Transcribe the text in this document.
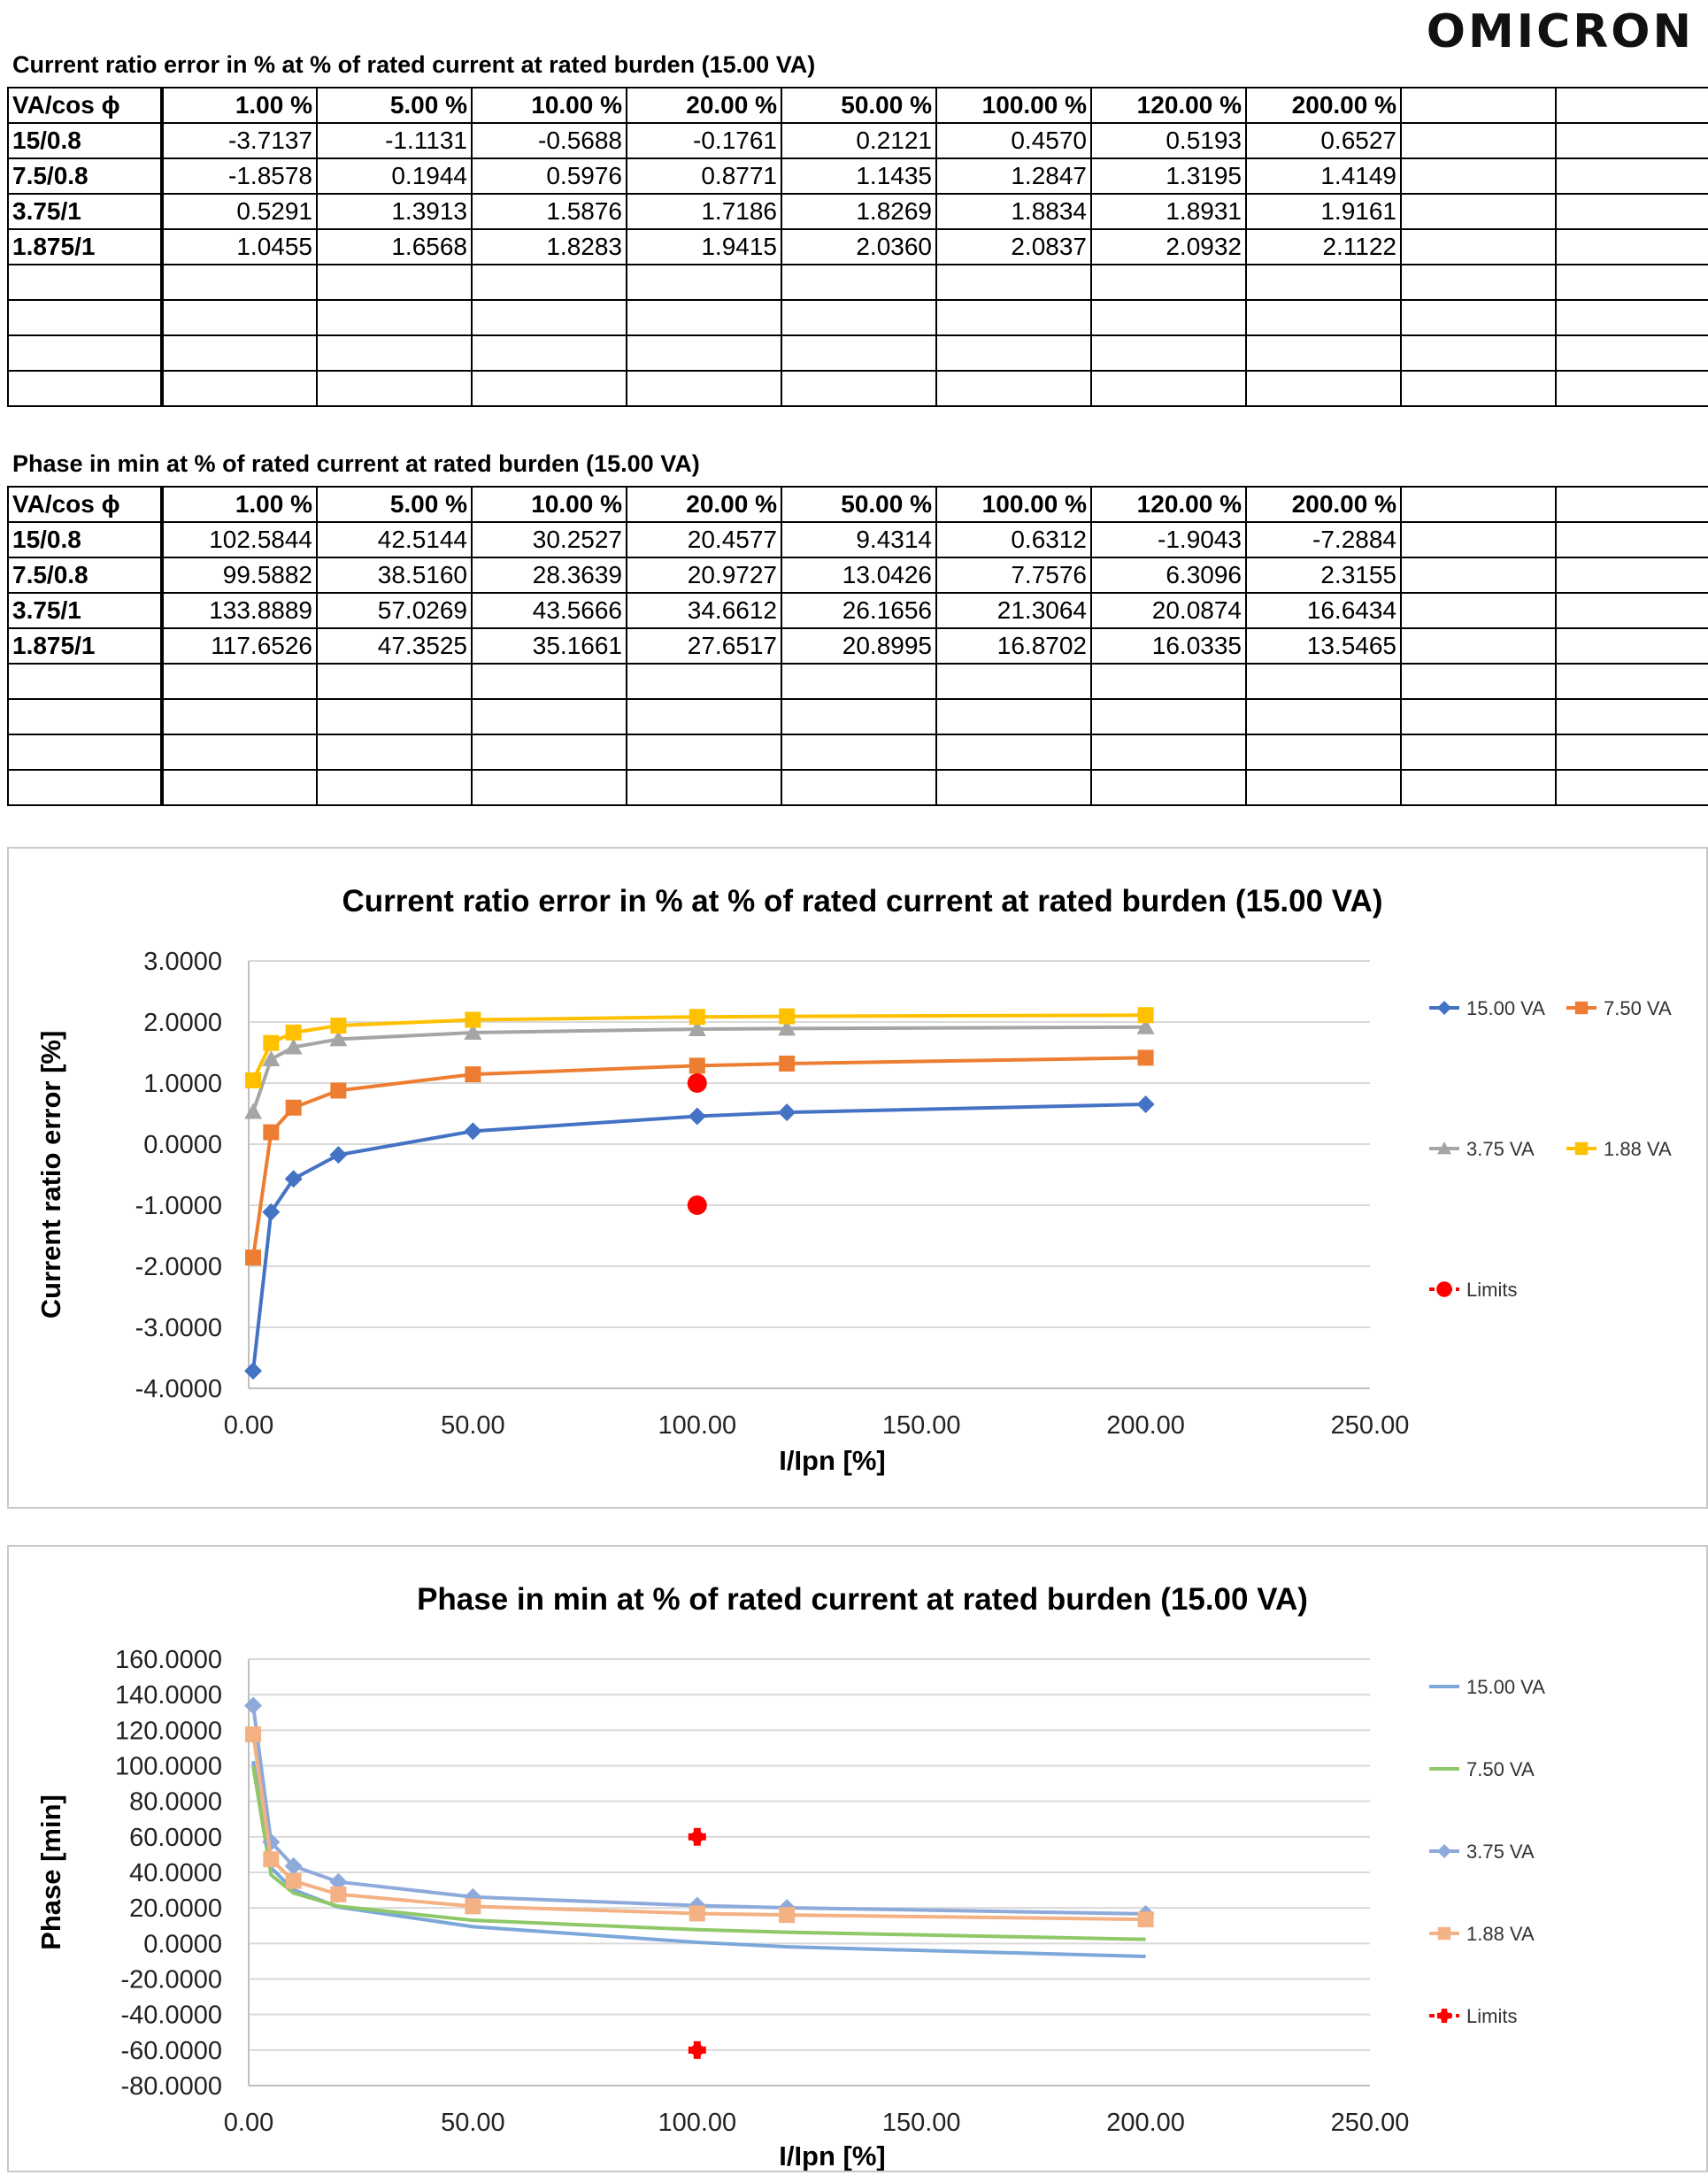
OMICRON
Current ratio error in % at % of rated current at rated burden (15.00 VA)
VA/cos ϕ	1.00 %	5.00 %	10.00 %	20.00 %	50.00 %	100.00 %	120.00 %	200.00 %		
15/0.8	-3.7137	-1.1131	-0.5688	-0.1761	0.2121	0.4570	0.5193	0.6527		
7.5/0.8	-1.8578	0.1944	0.5976	0.8771	1.1435	1.2847	1.3195	1.4149		
3.75/1	0.5291	1.3913	1.5876	1.7186	1.8269	1.8834	1.8931	1.9161		
1.875/1	1.0455	1.6568	1.8283	1.9415	2.0360	2.0837	2.0932	2.1122		

Phase in min at % of rated current at rated burden (15.00 VA)
VA/cos ϕ	1.00 %	5.00 %	10.00 %	20.00 %	50.00 %	100.00 %	120.00 %	200.00 %		
15/0.8	102.5844	42.5144	30.2527	20.4577	9.4314	0.6312	-1.9043	-7.2884		
7.5/0.8	99.5882	38.5160	28.3639	20.9727	13.0426	7.7576	6.3096	2.3155		
3.75/1	133.8889	57.0269	43.5666	34.6612	26.1656	21.3064	20.0874	16.6434		
1.875/1	117.6526	47.3525	35.1661	27.6517	20.8995	16.8702	16.0335	13.5465		

Current ratio error in % at % of rated current at rated burden (15.00 VA)
3.0000
2.0000
1.0000
0.0000
-1.0000
-2.0000
-3.0000
-4.0000
0.00	50.00	100.00	150.00	200.00	250.00
I/Ipn [%]
Current ratio error [%]
15.00 VA	7.50 VA
3.75 VA	1.88 VA
Limits
Phase in min at % of rated current at rated burden (15.00 VA)
160.0000
140.0000
120.0000
100.0000
80.0000
60.0000
40.0000
20.0000
0.0000
-20.0000
-40.0000
-60.0000
-80.0000
0.00	50.00	100.00	150.00	200.00	250.00
I/Ipn [%]
Phase [min]
15.00 VA
7.50 VA
3.75 VA
1.88 VA
Limits
